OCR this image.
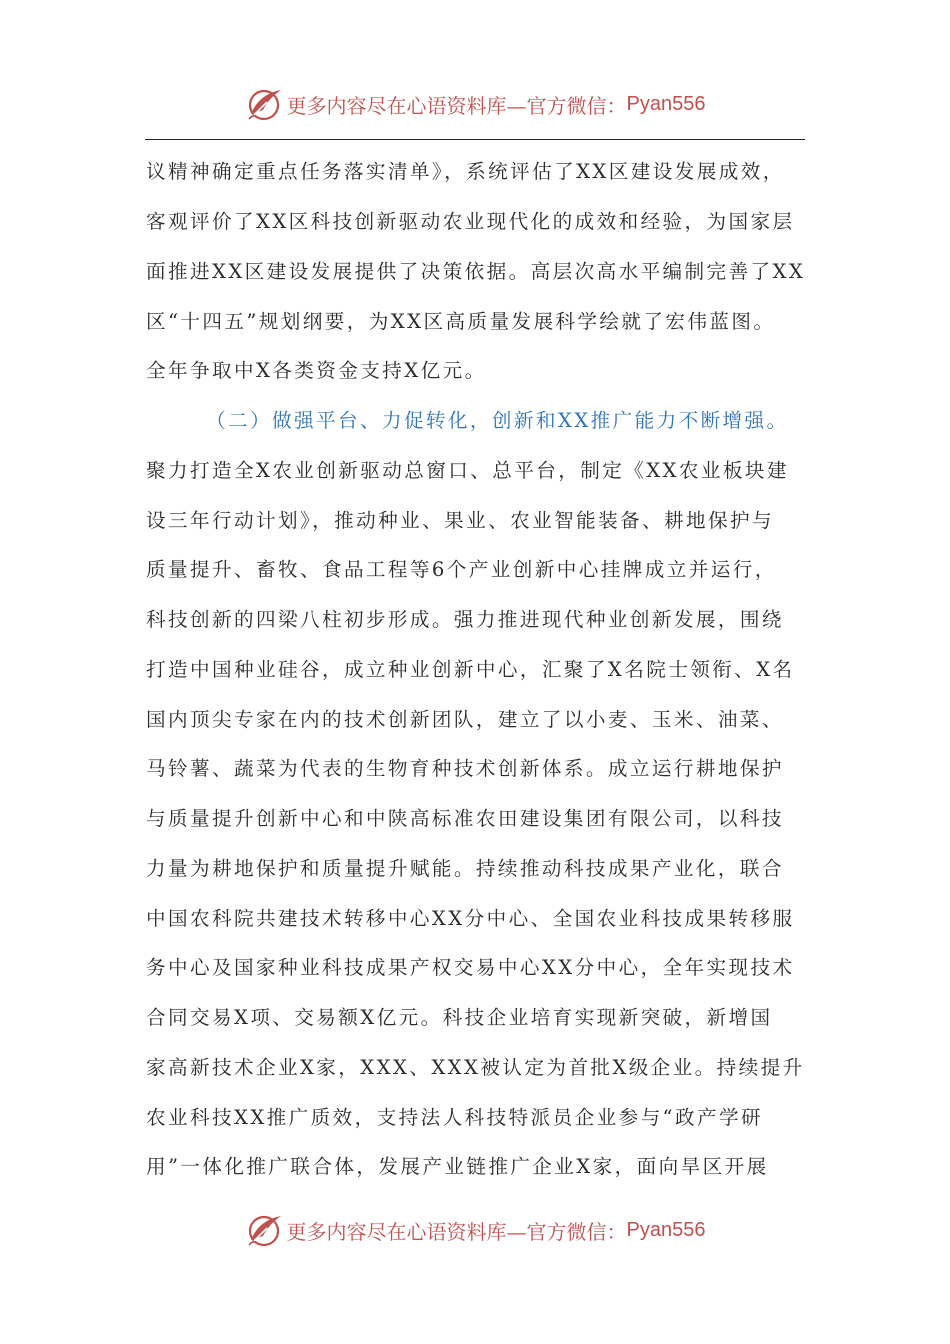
更多内容尽在心语资料库— 官方微信： Pyan556
议精神确定重点任务落实清单》，系统评估了XX区建设发展成效，
客观评价了XX区科技创新驱动农业现代化的成效和经验，为国家层
面推进XX区建设发展提供了决策依据。高层次高水平编制完善了XX
区“十四五”规划纲要，为XX区高质量发展科学绘就了宏伟蓝图。
全年争取中X各类资金支持X亿元。
（二）做强平台、力促转化，创新和XX推广能力不断增强。
聚力打造全X农业创新驱动总窗口、总平台，制定《XX农业板块建
设三年行动计划》，推动种业、果业、农业智能装备、耕地保护与
质量提升、畜牧、食品工程等6个产业创新中心挂牌成立并运行，
科技创新的四梁八柱初步形成。强力推进现代种业创新发展，围绕
打造中国种业硅谷，成立种业创新中心，汇聚了X名院士领衔、X名
国内顶尖专家在内的技术创新团队，建立了以小麦、玉米、油菜、
马铃薯、蔬菜为代表的生物育种技术创新体系。成立运行耕地保护
与质量提升创新中心和中陕高标准农田建设集团有限公司，以科技
力量为耕地保护和质量提升赋能。持续推动科技成果产业化，联合
中国农科院共建技术转移中心XX分中心、全国农业科技成果转移服
务中心及国家种业科技成果产权交易中心XX分中心，全年实现技术
合同交易X项、交易额X亿元。科技企业培育实现新突破，新增国
家高新技术企业X家，XXX、XXX被认定为首批X级企业。持续提升
农业科技XX推广质效，支持法人科技特派员企业参与“政产学研
用”一体化推广联合体，发展产业链推广企业X家，面向旱区开展
更多内容尽在心语资料库— 官方微信： Pyan556
